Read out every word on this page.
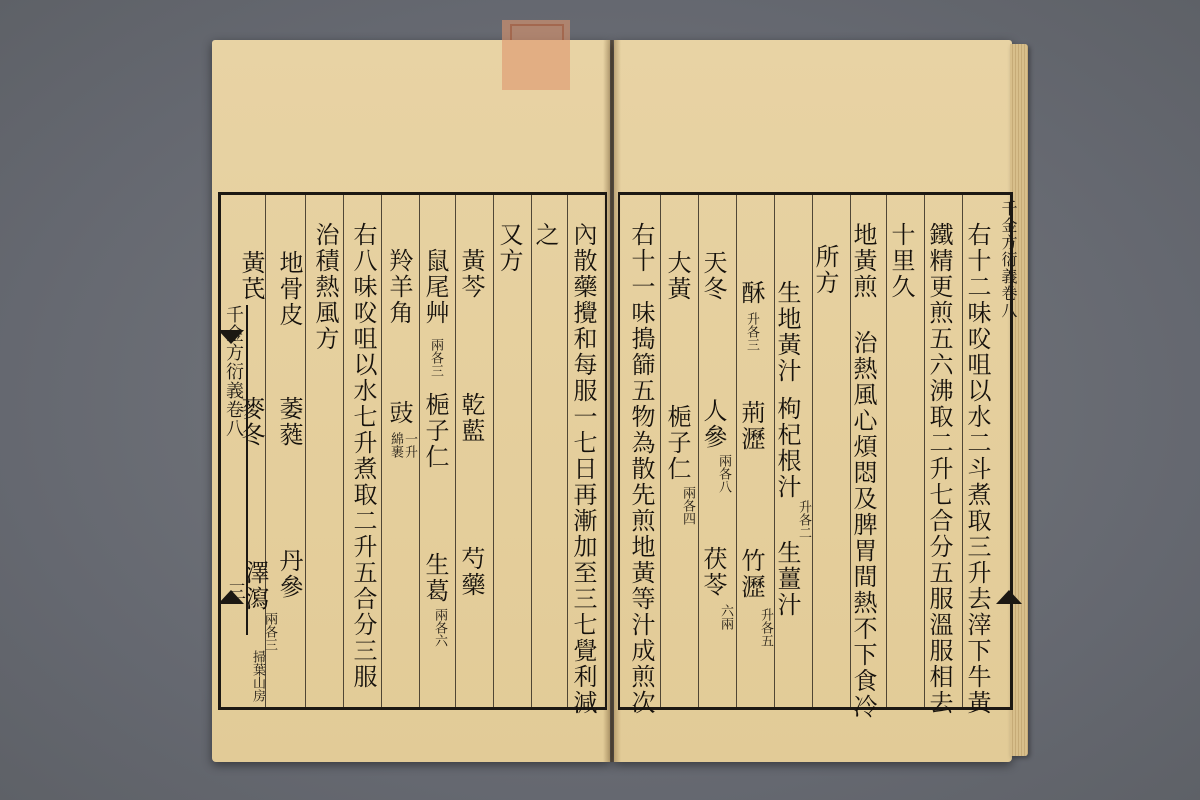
內散藥攪和每服一七日再漸加至三七覺利減
之
又方
黃芩
乾藍
芍藥
鼠尾艸
兩各三
梔子仁
生葛
兩各六
羚羊角
豉
一升
綿裹
右八味㕮咀以水七升煮取二升五合分三服
治積熱風方
地骨皮
萎蕤
丹參
黃芪
麥冬
澤瀉
兩各三
千金方衍義卷八
三
掃葉山房	右十二味㕮咀以水二斗煮取三升去滓下牛黃
鐵精更煎五六沸取二升七合分五服溫服相去
十里久
地黃煎
治熱風心煩悶及脾胃間熱不下食冷
所方
生地黃汁
枸杞根汁
升各二
生薑汁
酥
升各三
荊瀝
竹瀝
升各五
天冬
人參
兩各八
茯苓
六兩
大黃
梔子仁
兩各四
右十一味搗篩五物為散先煎地黃等汁成煎次	千金方衍義卷八
